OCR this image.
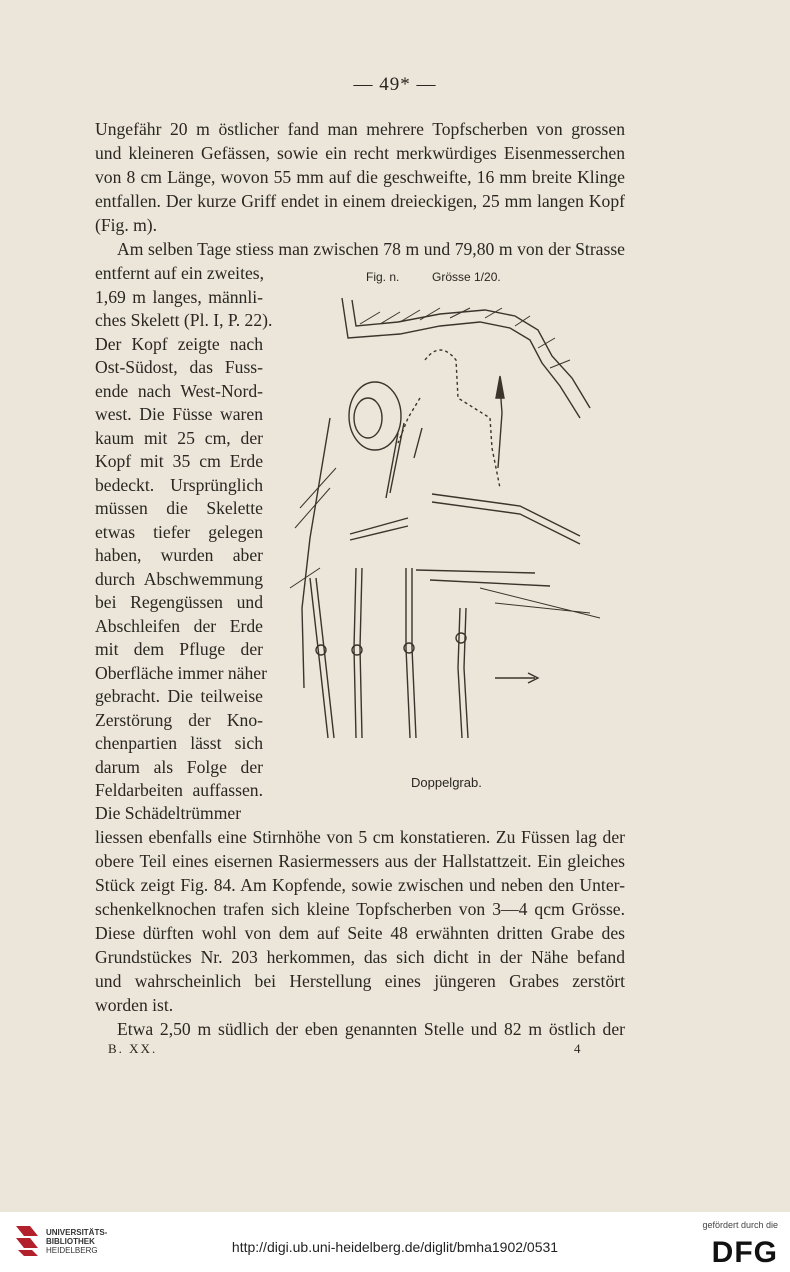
— 49* —
Ungefähr 20 m östlicher fand man mehrere Topfscherben von grossen
und kleineren Gefässen, sowie ein recht merkwürdiges Eisenmesserchen
von 8 cm Länge, wovon 55 mm auf die geschweifte, 16 mm breite Klinge
entfallen. Der kurze Griff endet in einem dreieckigen, 25 mm langen Kopf
(Fig. m).
Am selben Tage stiess man zwischen 78 m und 79,80 m von der Strasse
entfernt auf ein zweites,
1,69 m langes, männli-
ches Skelett (Pl. I, P. 22).
Der Kopf zeigte nach
Ost-Südost, das Fuss-
ende nach West-Nord-
west. Die Füsse waren
kaum mit 25 cm, der
Kopf mit 35 cm Erde
bedeckt. Ursprünglich
müssen die Skelette
etwas tiefer gelegen
haben, wurden aber
durch Abschwemmung
bei Regengüssen und
Abschleifen der Erde
mit dem Pfluge der
Oberfläche immer näher
gebracht. Die teilweise
Zerstörung der Kno-
chenpartien lässt sich
darum als Folge der
Feldarbeiten auffassen.
Die Schädeltrümmer
Fig. n.	Grösse 1/20.
Doppelgrab.
liessen ebenfalls eine Stirnhöhe von 5 cm konstatieren. Zu Füssen lag der
obere Teil eines eisernen Rasiermessers aus der Hallstattzeit. Ein gleiches
Stück zeigt Fig. 84. Am Kopfende, sowie zwischen und neben den Unter-
schenkelknochen trafen sich kleine Topfscherben von 3—4 qcm Grösse.
Diese dürften wohl von dem auf Seite 48 erwähnten dritten Grabe des
Grundstückes Nr. 203 herkommen, das sich dicht in der Nähe befand
und wahrscheinlich bei Herstellung eines jüngeren Grabes zerstört
worden ist.
Etwa 2,50 m südlich der eben genannten Stelle und 82 m östlich der
B. XX.	4
UNIVERSITÄTS-
BIBLIOTHEK
HEIDELBERG	http://digi.ub.uni-heidelberg.de/diglit/bmha1902/0531
gefördert durch die
DFG
